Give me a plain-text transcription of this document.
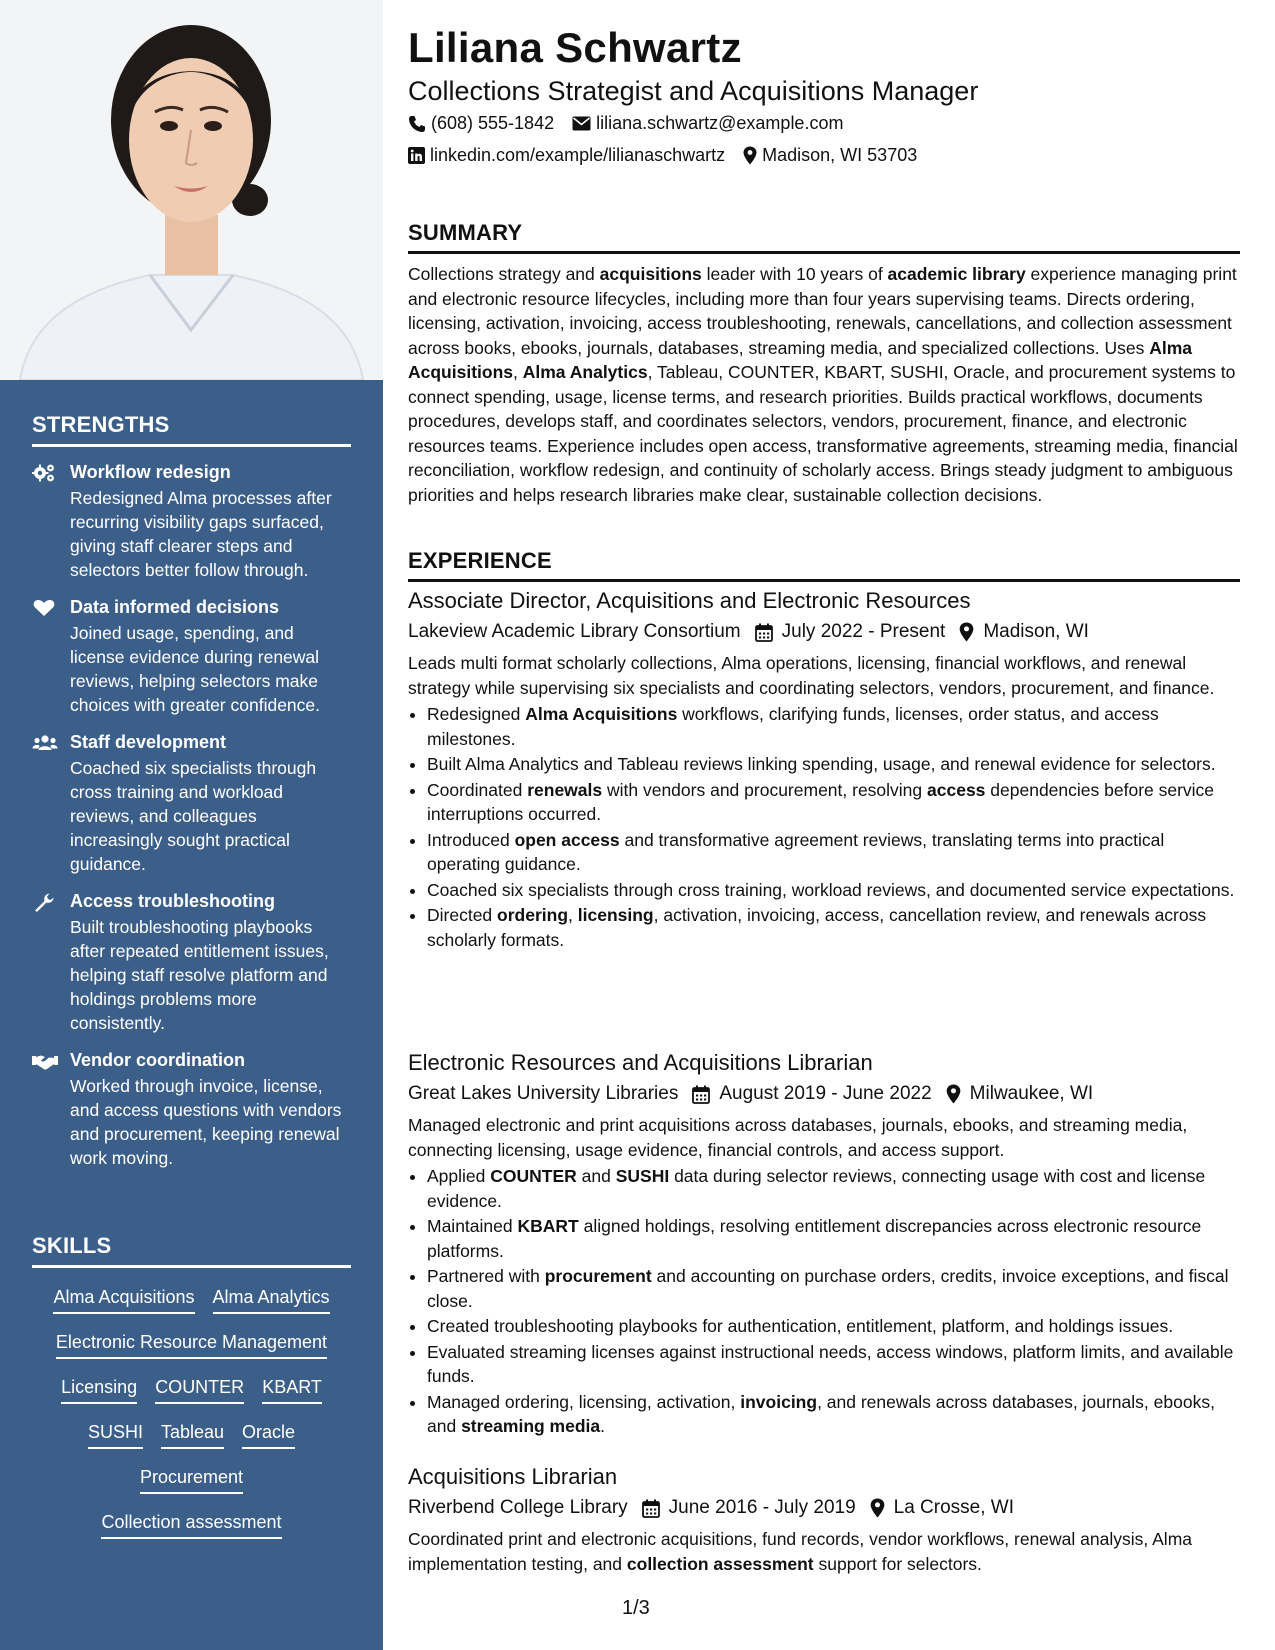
STRENGTHS
Workflow redesign
Redesigned Alma processes after recurring visibility gaps surfaced, giving staff clearer steps and selectors better follow through.
Data informed decisions
Joined usage, spending, and license evidence during renewal reviews, helping selectors make choices with greater confidence.
Staff development
Coached six specialists through cross training and workload reviews, and colleagues increasingly sought practical guidance.
Access troubleshooting
Built troubleshooting playbooks after repeated entitlement issues, helping staff resolve platform and holdings problems more consistently.
Vendor coordination
Worked through invoice, license, and access questions with vendors and procurement, keeping renewal work moving.
SKILLS
Alma Acquisitions Alma Analytics
Electronic Resource Management
Licensing COUNTER KBART
SUSHI Tableau Oracle
Procurement
Collection assessment
Liliana Schwartz
Collections Strategist and Acquisitions Manager
(608) 555-1842 liliana.schwartz@example.com
linkedin.com/example/lilianaschwartz Madison, WI 53703
SUMMARY

Collections strategy and acquisitions leader with 10 years of academic library experience managing print and electronic resource lifecycles, including more than four years supervising teams. Directs ordering, licensing, activation, invoicing, access troubleshooting, renewals, cancellations, and collection assessment across books, ebooks, journals, databases, streaming media, and specialized collections. Uses Alma Acquisitions, Alma Analytics, Tableau, COUNTER, KBART, SUSHI, Oracle, and procurement systems to connect spending, usage, license terms, and research priorities. Builds practical workflows, documents procedures, develops staff, and coordinates selectors, vendors, procurement, finance, and electronic resources teams. Experience includes open access, transformative agreements, streaming media, financial reconciliation, workflow redesign, and continuity of scholarly access. Brings steady judgment to ambiguous priorities and helps research libraries make clear, sustainable collection decisions.

EXPERIENCE
Associate Director, Acquisitions and Electronic Resources
Lakeview Academic Library Consortium July 2022 - Present Madison, WI

Leads multi format scholarly collections, Alma operations, licensing, financial workflows, and renewal strategy while supervising six specialists and coordinating selectors, vendors, procurement, and finance.

• Redesigned Alma Acquisitions workflows, clarifying funds, licenses, order status, and access milestones.
• Built Alma Analytics and Tableau reviews linking spending, usage, and renewal evidence for selectors.
• Coordinated renewals with vendors and procurement, resolving access dependencies before service interruptions occurred.
• Introduced open access and transformative agreement reviews, translating terms into practical operating guidance.
• Coached six specialists through cross training, workload reviews, and documented service expectations.
• Directed ordering, licensing, activation, invoicing, access, cancellation review, and renewals across scholarly formats.
Electronic Resources and Acquisitions Librarian
Great Lakes University Libraries August 2019 - June 2022 Milwaukee, WI

Managed electronic and print acquisitions across databases, journals, ebooks, and streaming media, connecting licensing, usage evidence, financial controls, and access support.

• Applied COUNTER and SUSHI data during selector reviews, connecting usage with cost and license evidence.
• Maintained KBART aligned holdings, resolving entitlement discrepancies across electronic resource platforms.
• Partnered with procurement and accounting on purchase orders, credits, invoice exceptions, and fiscal close.
• Created troubleshooting playbooks for authentication, entitlement, platform, and holdings issues.
• Evaluated streaming licenses against instructional needs, access windows, platform limits, and available funds.
• Managed ordering, licensing, activation, invoicing, and renewals across databases, journals, ebooks, and streaming media.
Acquisitions Librarian
Riverbend College Library June 2016 - July 2019 La Crosse, WI

Coordinated print and electronic acquisitions, fund records, vendor workflows, renewal analysis, Alma implementation testing, and collection assessment support for selectors.

1/3
